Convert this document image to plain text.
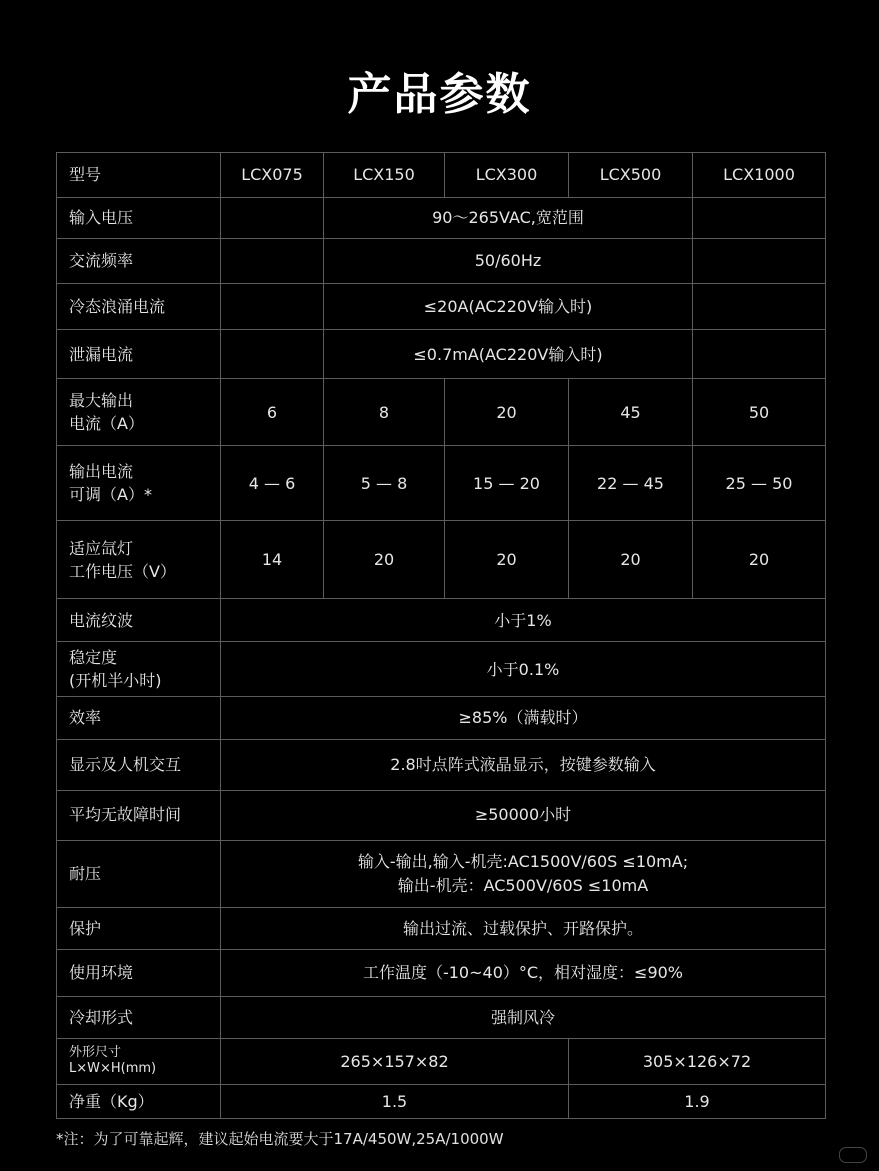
产品参数
型号	LCX075	LCX150	LCX300	LCX500	LCX1000
输入电压		90～265VAC,宽范围			
交流频率		50/60Hz			
冷态浪涌电流		≤20A(AC220V输入时)			
泄漏电流		≤0.7mA(AC220V输入时)			

最大输出
电流（A）	6	8	20	45	50

输出电流
可调（A）*	4 — 6	5 — 8	15 — 20	22 — 45	25 — 50

适应氙灯
工作电压（V）	14	20	20	20	20
电流纹波	小于1%				

稳定度
(开机半小时)	小于0.1%				
效率	≥85%（满载时）				
显示及人机交互	2.8吋点阵式液晶显示，按键参数输入				
平均无故障时间	≥50000小时				
耐压	输入-输出,输入-机壳:AC1500V/60S ≤10mA;
输出-机壳：AC500V/60S ≤10mA				

保护	输出过流、过载保护、开路保护。				
使用环境	工作温度（-10~40）°C，相对湿度：≤90%				
冷却形式	强制风冷				

外形尺寸
L×W×H(mm)	265×157×82			305×126×72	
净重（Kg）	1.5			1.9	
*注：为了可靠起辉，建议起始电流要大于17A/450W,25A/1000W
